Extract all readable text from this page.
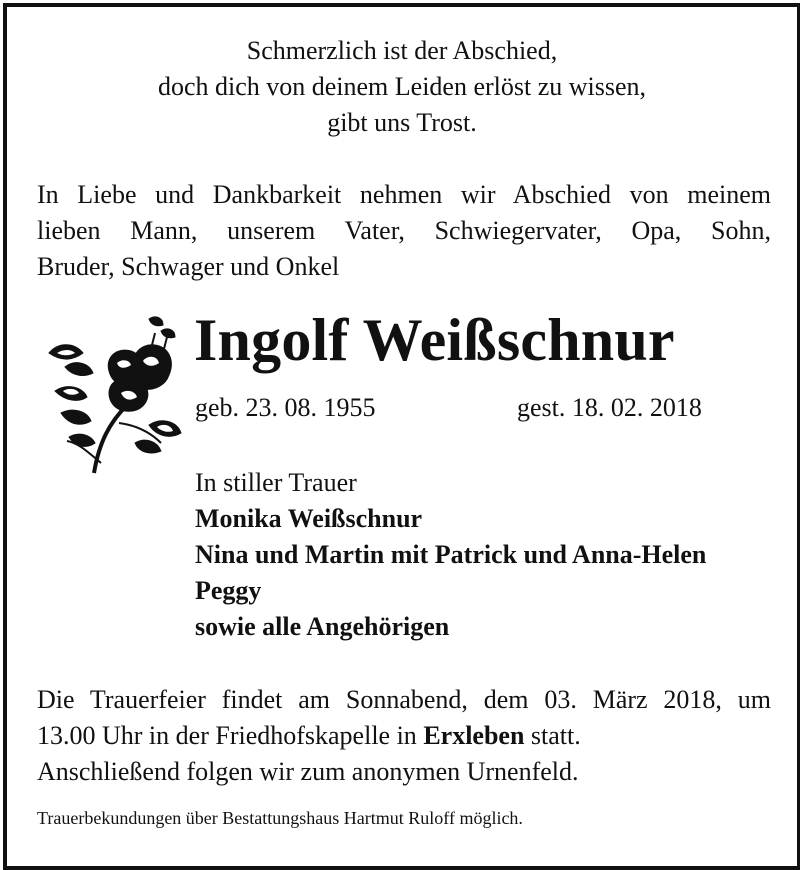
Schmerzlich ist der Abschied,
doch dich von deinem Leiden erlöst zu wissen,
gibt uns Trost.
In Liebe und Dankbarkeit nehmen wir Abschied von meinem
lieben Mann, unserem Vater, Schwiegervater, Opa, Sohn,
Bruder, Schwager und Onkel
Ingolf Weißschnur
geb. 23. 08. 1955	gest. 18. 02. 2018
In stiller Trauer
Monika Weißschnur
Nina und Martin mit Patrick und Anna-Helen
Peggy
sowie alle Angehörigen
Die Trauerfeier findet am Sonnabend, dem 03. März 2018, um
13.00 Uhr in der Friedhofskapelle in Erxleben statt.
Anschließend folgen wir zum anonymen Urnenfeld.
Trauerbekundungen über Bestattungshaus Hartmut Ruloff möglich.
